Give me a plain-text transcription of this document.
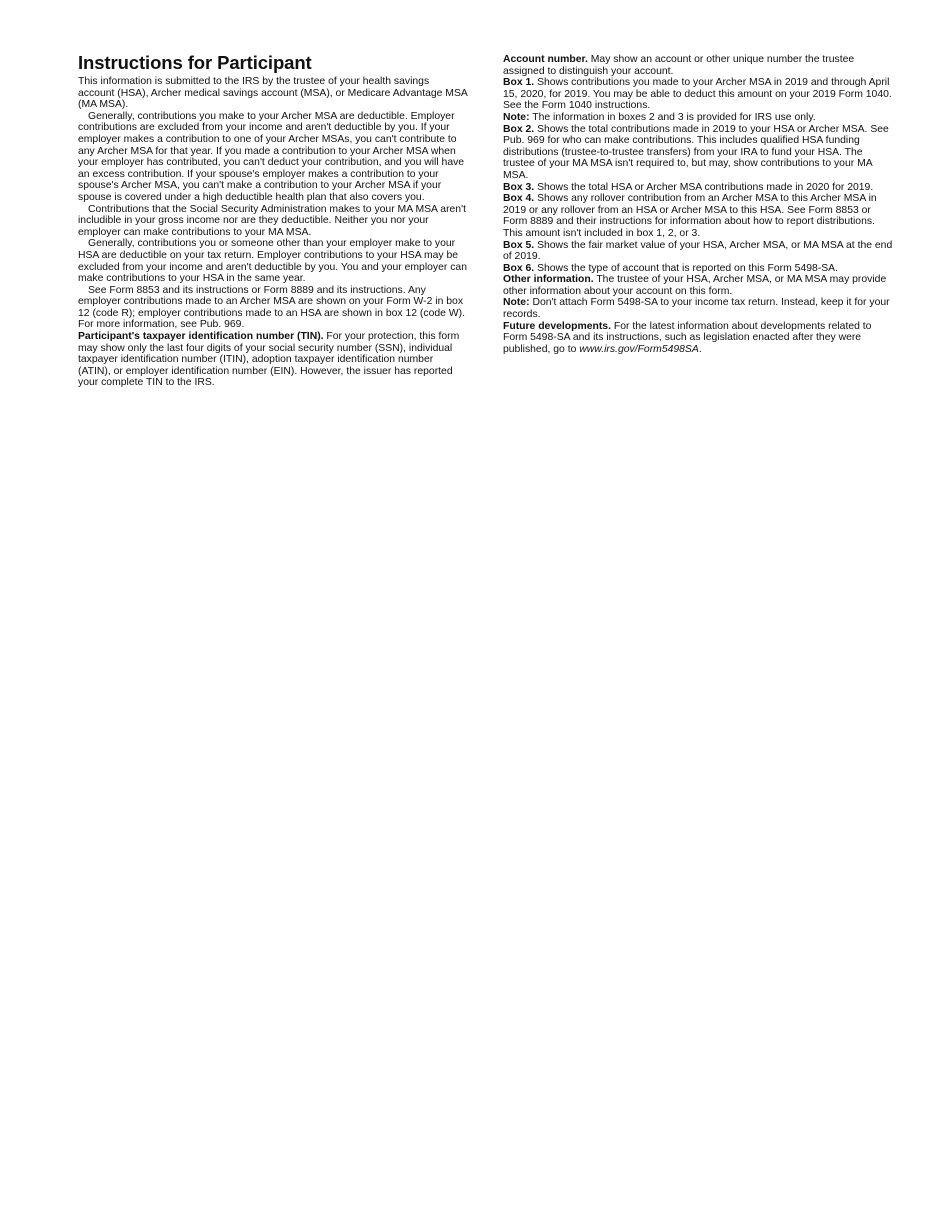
Instructions for Participant

This information is submitted to the IRS by the trustee of your health savings account (HSA), Archer medical savings account (MSA), or Medicare Advantage MSA (MA MSA).

Generally, contributions you make to your Archer MSA are deductible. Employer contributions are excluded from your income and aren't deductible by you. If your employer makes a contribution to one of your Archer MSAs, you can't contribute to any Archer MSA for that year. If you made a contribution to your Archer MSA when your employer has contributed, you can't deduct your contribution, and you will have an excess contribution. If your spouse's employer makes a contribution to your spouse's Archer MSA, you can't make a contribution to your Archer MSA if your spouse is covered under a high deductible health plan that also covers you.

Contributions that the Social Security Administration makes to your MA MSA aren't includible in your gross income nor are they deductible. Neither you nor your employer can make contributions to your MA MSA.

Generally, contributions you or someone other than your employer make to your HSA are deductible on your tax return. Employer contributions to your HSA may be excluded from your income and aren't deductible by you. You and your employer can make contributions to your HSA in the same year.

See Form 8853 and its instructions or Form 8889 and its instructions. Any employer contributions made to an Archer MSA are shown on your Form W-2 in box 12 (code R); employer contributions made to an HSA are shown in box 12 (code W). For more information, see Pub. 969.

Participant's taxpayer identification number (TIN). For your protection, this form may show only the last four digits of your social security number (SSN), individual taxpayer identification number (ITIN), adoption taxpayer identification number (ATIN), or employer identification number (EIN). However, the issuer has reported your complete TIN to the IRS.

Account number. May show an account or other unique number the trustee assigned to distinguish your account.

Box 1. Shows contributions you made to your Archer MSA in 2019 and through April 15, 2020, for 2019. You may be able to deduct this amount on your 2019 Form 1040. See the Form 1040 instructions.

Note: The information in boxes 2 and 3 is provided for IRS use only.

Box 2. Shows the total contributions made in 2019 to your HSA or Archer MSA. See Pub. 969 for who can make contributions. This includes qualified HSA funding distributions (trustee-to-trustee transfers) from your IRA to fund your HSA. The trustee of your MA MSA isn't required to, but may, show contributions to your MA MSA.

Box 3. Shows the total HSA or Archer MSA contributions made in 2020 for 2019.

Box 4. Shows any rollover contribution from an Archer MSA to this Archer MSA in 2019 or any rollover from an HSA or Archer MSA to this HSA. See Form 8853 or Form 8889 and their instructions for information about how to report distributions. This amount isn't included in box 1, 2, or 3.

Box 5. Shows the fair market value of your HSA, Archer MSA, or MA MSA at the end of 2019.

Box 6. Shows the type of account that is reported on this Form 5498-SA.

Other information. The trustee of your HSA, Archer MSA, or MA MSA may provide other information about your account on this form.

Note: Don't attach Form 5498-SA to your income tax return. Instead, keep it for your records.

Future developments. For the latest information about developments related to Form 5498-SA and its instructions, such as legislation enacted after they were published, go to www.irs.gov/Form5498SA.
